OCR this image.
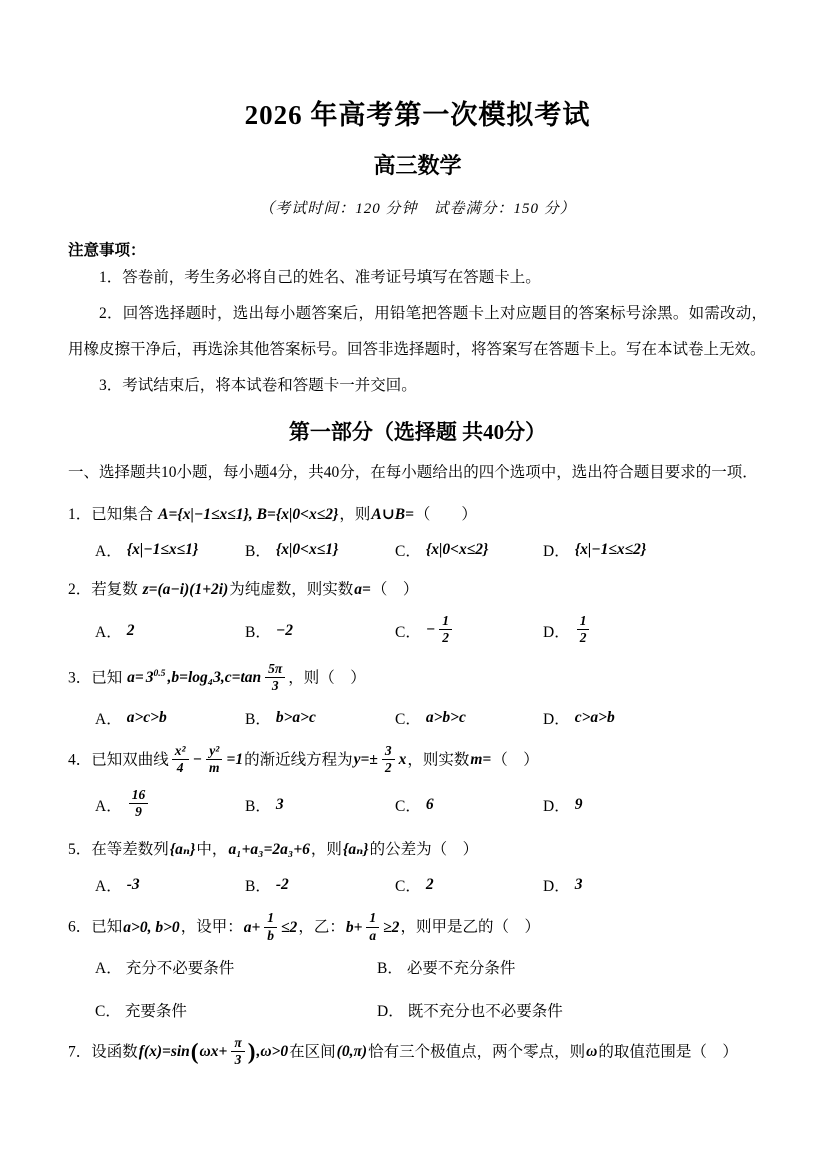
2026 年高考第一次模拟考试
高三数学

（考试时间：120 分钟　试卷满分：150 分）

注意事项：

1．答卷前，考生务必将自己的姓名、准考证号填写在答题卡上。

2．回答选择题时，选出每小题答案后，用铅笔把答题卡上对应题目的答案标号涂黑。如需改动，用橡皮擦干净后，再选涂其他答案标号。回答非选择题时，将答案写在答题卡上。写在本试卷上无效。

3．考试结束后，将本试卷和答题卡一并交回。

第一部分（选择题 共40分）

一、选择题共10小题，每小题4分，共40分，在每小题给出的四个选项中，选出符合题目要求的一项．

1．已知集合 A={x|−1≤x≤1}, B={x|0<x≤2}，则A∪B=（　　）

A． {x|−1≤x≤1}	B． {x|0<x≤1}	C． {x|0<x≤2}	D． {x|−1≤x≤2}

2．若复数 z=(a−i)(1+2i)为纯虚数，则实数a=（　）

A． 2	B． −2	C． − $\frac{1}{2}$	D． $\frac{1}{2}$

3．已知 $a= 3^{0.5}$ $,b=\log_43,c=\tan \frac{5\pi}{3}$ ，则（　）

A． a>c>b	B． b>a>c	C． a>b>c	D． c>a>b

4．已知双曲线 $\frac{\text{x²}}{4} - \frac{\text{y²}}{m} =1$的渐近线方程为$y=\pm \frac{3}{2}$ x，则实数m=（　）

A． $\frac{16}{9}$	B． 3	C． 6	D． 9

5．在等差数列{aₙ}中，a₁+a₃=2a₃+6，则{aₙ}的公差为（　）

A． -3	B． -2	C． 2	D． 3

6．已知a>0, b>0，设甲：$a+ \frac{1}{b} \le 2$，乙：$b+ \frac{1}{a} \ge 2$，则甲是乙的（　）

A． 充分不必要条件	B． 必要不充分条件
C． 充要条件	D． 既不充分也不必要条件

7．设函数$f(x)=\sin(\omega x+ \frac{\pi}{3} ),\omega>0$在区间(0,π)恰有三个极值点，两个零点，则ω的取值范围是（　）
